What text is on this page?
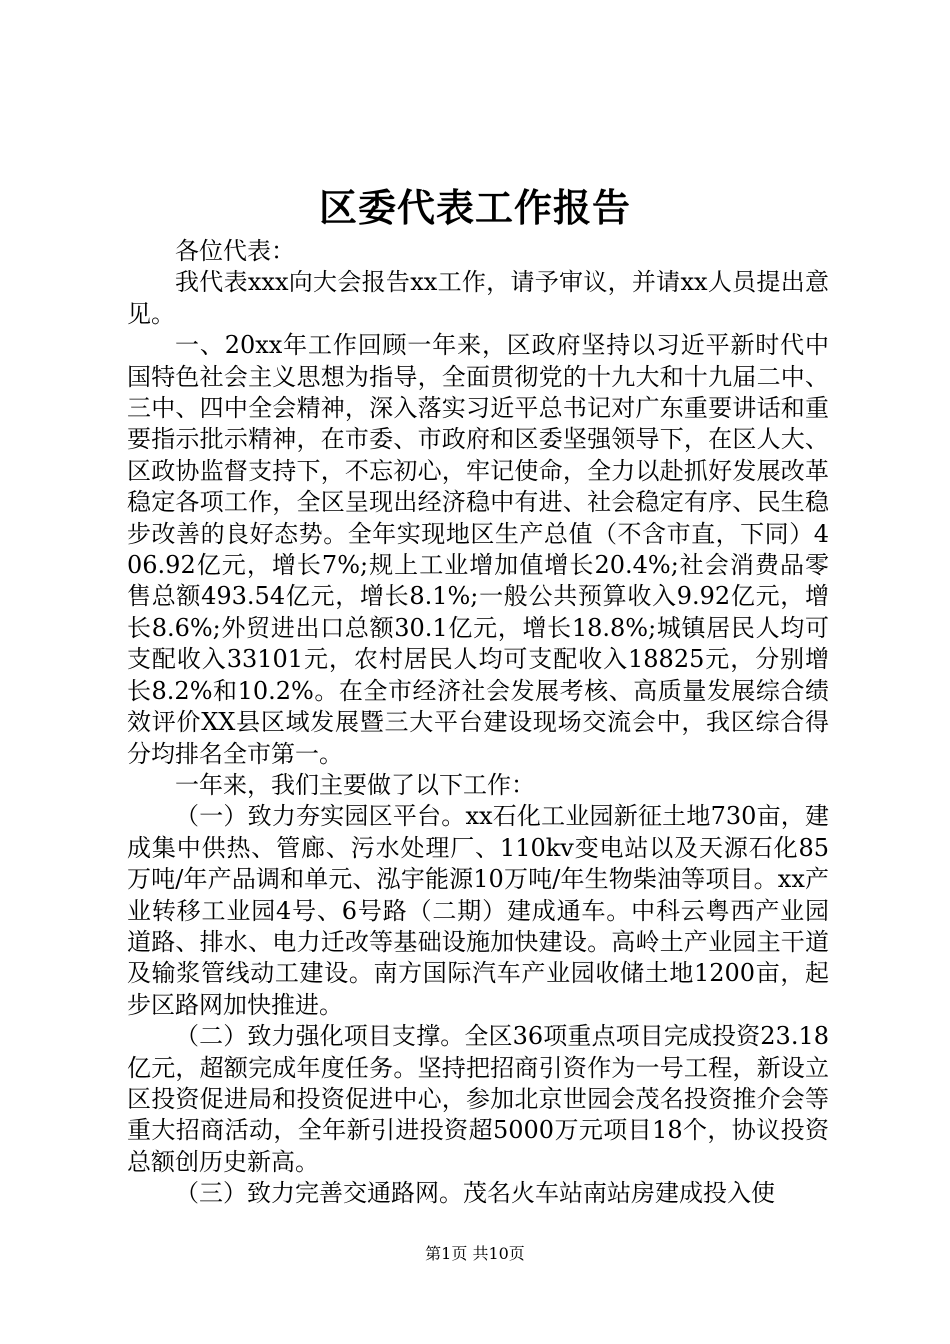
区委代表工作报告

各位代表：

我代表xxx向大会报告xx工作，请予审议，并请xx人员提出意见。

一、20xx年工作回顾一年来，区政府坚持以习近平新时代中国特色社会主义思想为指导，全面贯彻党的十九大和十九届二中、三中、四中全会精神，深入落实习近平总书记对广东重要讲话和重要指示批示精神，在市委、市政府和区委坚强领导下，在区人大、区政协监督支持下，不忘初心，牢记使命，全力以赴抓好发展改革稳定各项工作，全区呈现出经济稳中有进、社会稳定有序、民生稳步改善的良好态势。全年实现地区生产总值（不含市直，下同）406.92亿元，增长7%;规上工业增加值增长20.4%;社会消费品零售总额493.54亿元，增长8.1%;一般公共预算收入9.92亿元，增长8.6%;外贸进出口总额30.1亿元，增长18.8%;城镇居民人均可支配收入33101元，农村居民人均可支配收入18825元，分别增长8.2%和10.2%。在全市经济社会发展考核、高质量发展综合绩效评价XX县区域发展暨三大平台建设现场交流会中，我区综合得分均排名全市第一。

一年来，我们主要做了以下工作：

（一）致力夯实园区平台。xx石化工业园新征土地730亩，建成集中供热、管廊、污水处理厂、110kv变电站以及天源石化85万吨/年产品调和单元、泓宇能源10万吨/年生物柴油等项目。xx产业转移工业园4号、6号路（二期）建成通车。中科云粤西产业园道路、排水、电力迁改等基础设施加快建设。高岭土产业园主干道及输浆管线动工建设。南方国际汽车产业园收储土地1200亩，起步区路网加快推进。

（二）致力强化项目支撑。全区36项重点项目完成投资23.18亿元，超额完成年度任务。坚持把招商引资作为一号工程，新设立区投资促进局和投资促进中心，参加北京世园会茂名投资推介会等重大招商活动，全年新引进投资超5000万元项目18个，协议投资总额创历史新高。

（三）致力完善交通路网。茂名火车站南站房建成投入使

第1页 共10页
